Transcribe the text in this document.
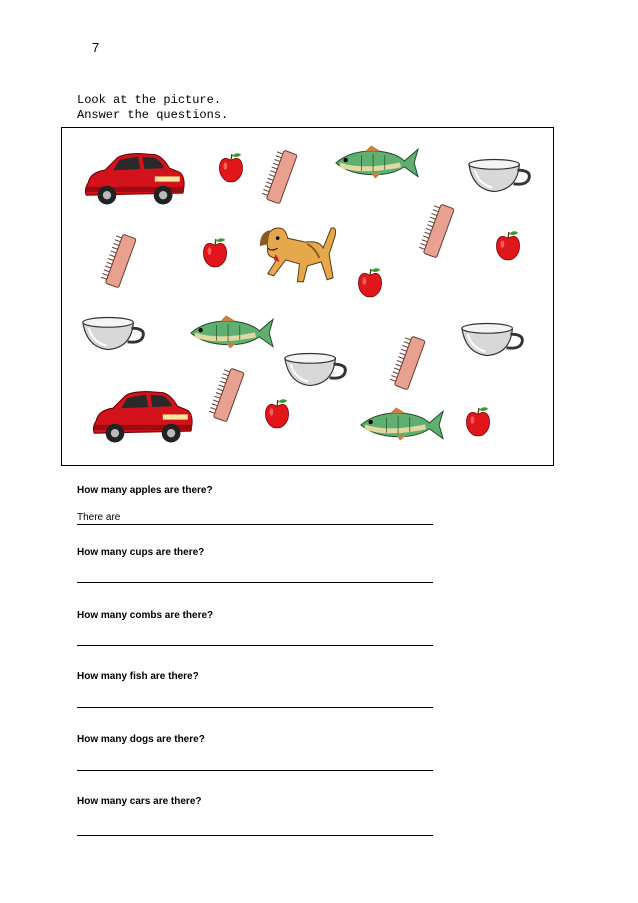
7
Look at the picture.
Answer the questions.
How many apples are there?
There are
How many cups are there?
How many combs are there?
How many fish are there?
How many dogs are there?
How many cars are there?
